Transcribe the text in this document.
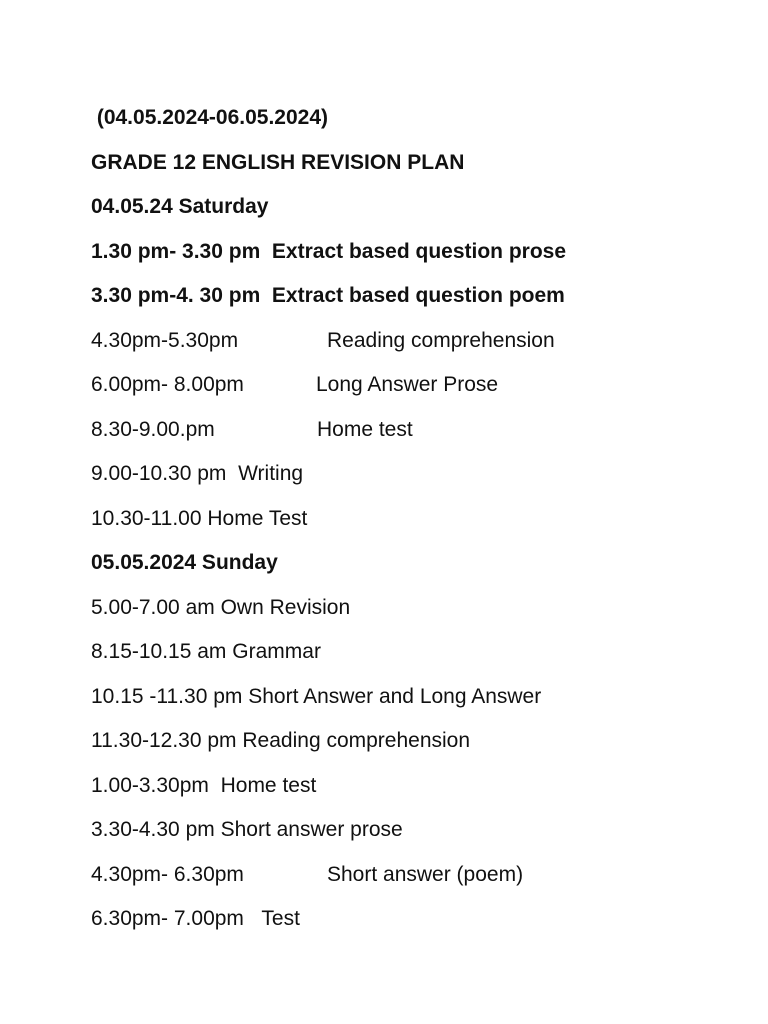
(04.05.2024-06.05.2024)
GRADE 12 ENGLISH REVISION PLAN
04.05.24 Saturday
1.30 pm- 3.30 pm  Extract based question prose
3.30 pm-4. 30 pm  Extract based question poem
4.30pm-5.30pm	Reading comprehension
6.00pm- 8.00pm	Long Answer Prose
8.30-9.00.pm	Home test
9.00-10.30 pm  Writing
10.30-11.00 Home Test
05.05.2024 Sunday
5.00-7.00 am Own Revision
8.15-10.15 am Grammar
10.15 -11.30 pm Short Answer and Long Answer
11.30-12.30 pm Reading comprehension
1.00-3.30pm  Home test
3.30-4.30 pm Short answer prose
4.30pm- 6.30pm	Short answer (poem)
6.30pm- 7.00pm   Test
